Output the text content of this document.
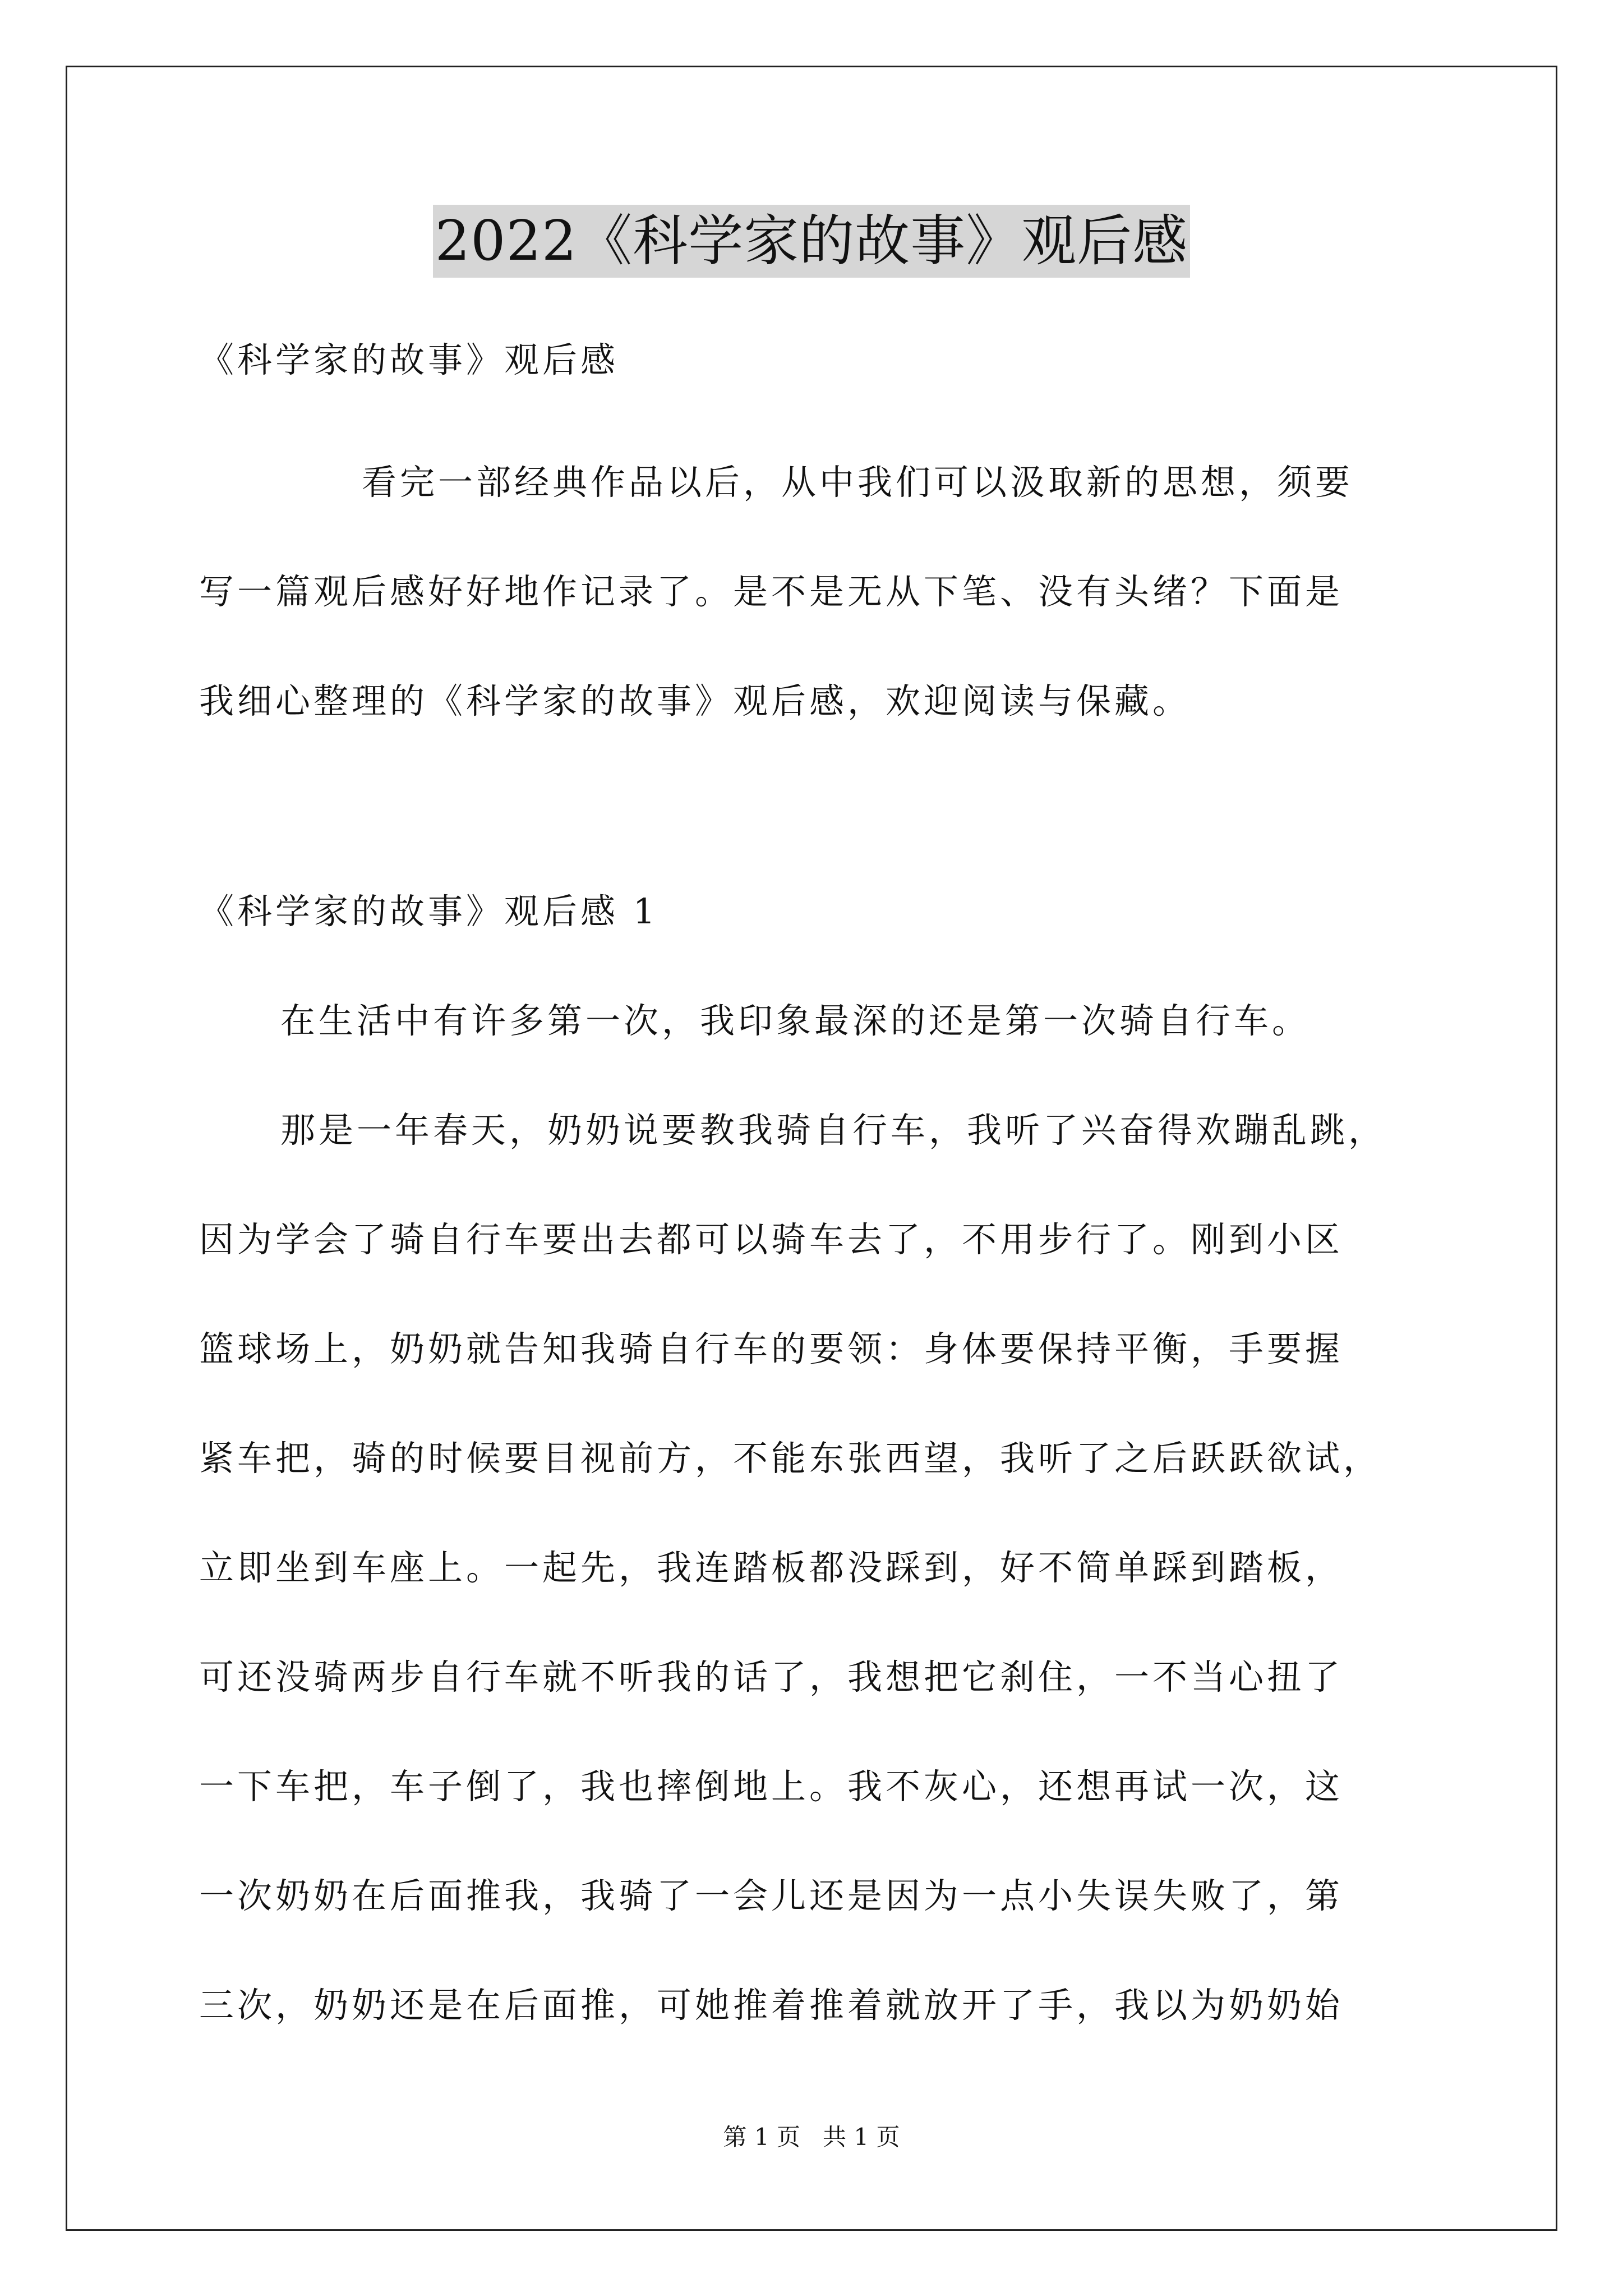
2022《科学家的故事》观后感
《科学家的故事》观后感
看完一部经典作品以后，从中我们可以汲取新的思想，须要
写一篇观后感好好地作记录了。是不是无从下笔、没有头绪？下面是
我细心整理的《科学家的故事》观后感，欢迎阅读与保藏。
《科学家的故事》观后感 1
在生活中有许多第一次，我印象最深的还是第一次骑自行车。
那是一年春天，奶奶说要教我骑自行车，我听了兴奋得欢蹦乱跳，
因为学会了骑自行车要出去都可以骑车去了，不用步行了。刚到小区
篮球场上，奶奶就告知我骑自行车的要领：身体要保持平衡，手要握
紧车把，骑的时候要目视前方，不能东张西望，我听了之后跃跃欲试，
立即坐到车座上。一起先，我连踏板都没踩到，好不简单踩到踏板，
可还没骑两步自行车就不听我的话了，我想把它刹住，一不当心扭了
一下车把，车子倒了，我也摔倒地上。我不灰心，还想再试一次，这
一次奶奶在后面推我，我骑了一会儿还是因为一点小失误失败了，第
三次，奶奶还是在后面推，可她推着推着就放开了手，我以为奶奶始
第 1 页   共 1 页
